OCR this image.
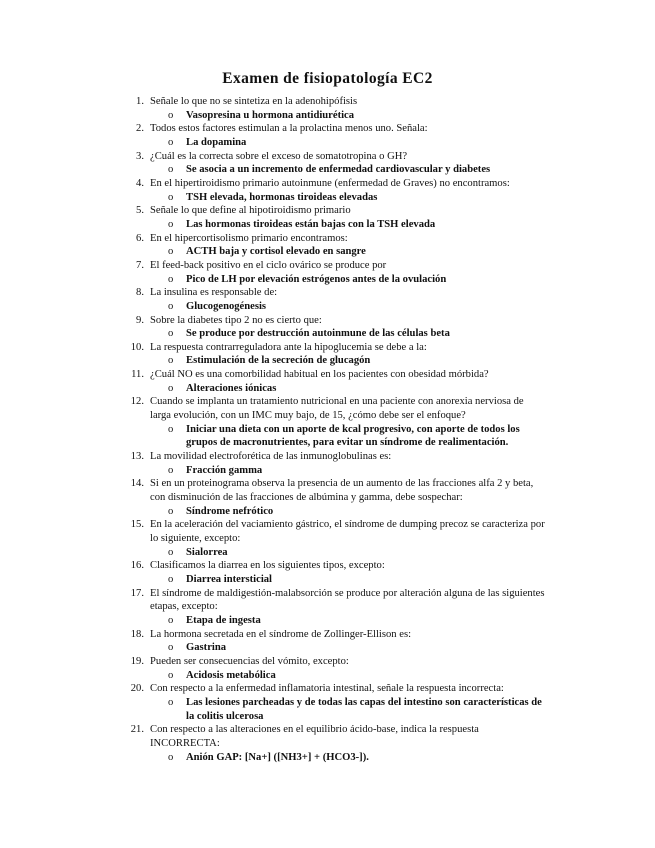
Examen de fisiopatología EC2
1. Señale lo que no se sintetiza en la adenohipófisis
o Vasopresina u hormona antidiurética
2. Todos estos factores estimulan a la prolactina menos uno. Señala:
o La dopamina
3. ¿Cuál es la correcta sobre el exceso de somatotropina o GH?
o Se asocia a un incremento de enfermedad cardiovascular y diabetes
4. En el hipertiroidismo primario autoinmune (enfermedad de Graves) no encontramos:
o TSH elevada, hormonas tiroideas elevadas
5. Señale lo que define al hipotiroidismo primario
o Las hormonas tiroideas están bajas con la TSH elevada
6. En el hipercortisolismo primario encontramos:
o ACTH baja y cortisol elevado en sangre
7. El feed-back positivo en el ciclo ovárico se produce por
o Pico de LH por elevación estrógenos antes de la ovulación
8. La insulina es responsable de:
o Glucogenogénesis
9. Sobre la diabetes tipo 2 no es cierto que:
o Se produce por destrucción autoinmune de las células beta
10. La respuesta contrarreguladora ante la hipoglucemia se debe a la:
o Estimulación de la secreción de glucagón
11. ¿Cuál NO es una comorbilidad habitual en los pacientes con obesidad mórbida?
o Alteraciones iónicas
12. Cuando se implanta un tratamiento nutricional en una paciente con anorexia nerviosa de larga evolución, con un IMC muy bajo, de 15, ¿cómo debe ser el enfoque?
o Iniciar una dieta con un aporte de kcal progresivo, con aporte de todos los grupos de macronutrientes, para evitar un síndrome de realimentación.
13. La movilidad electroforética de las inmunoglobulinas es:
o Fracción gamma
14. Si en un proteinograma observa la presencia de un aumento de las fracciones alfa 2 y beta, con disminución de las fracciones de albúmina y gamma, debe sospechar:
o Síndrome nefrótico
15. En la aceleración del vaciamiento gástrico, el síndrome de dumping precoz se caracteriza por lo siguiente, excepto:
o Sialorrea
16. Clasificamos la diarrea en los siguientes tipos, excepto:
o Diarrea intersticial
17. El síndrome de maldigestión-malabsorción se produce por alteración alguna de las siguientes etapas, excepto:
o Etapa de ingesta
18. La hormona secretada en el síndrome de Zollinger-Ellison es:
o Gastrina
19. Pueden ser consecuencias del vómito, excepto:
o Acidosis metabólica
20. Con respecto a la enfermedad inflamatoria intestinal, señale la respuesta incorrecta:
o Las lesiones parcheadas y de todas las capas del intestino son características de la colitis ulcerosa
21. Con respecto a las alteraciones en el equilibrio ácido-base, indica la respuesta INCORRECTA:
o Anión GAP: [Na+] ([NH3+] + (HCO3-]).
